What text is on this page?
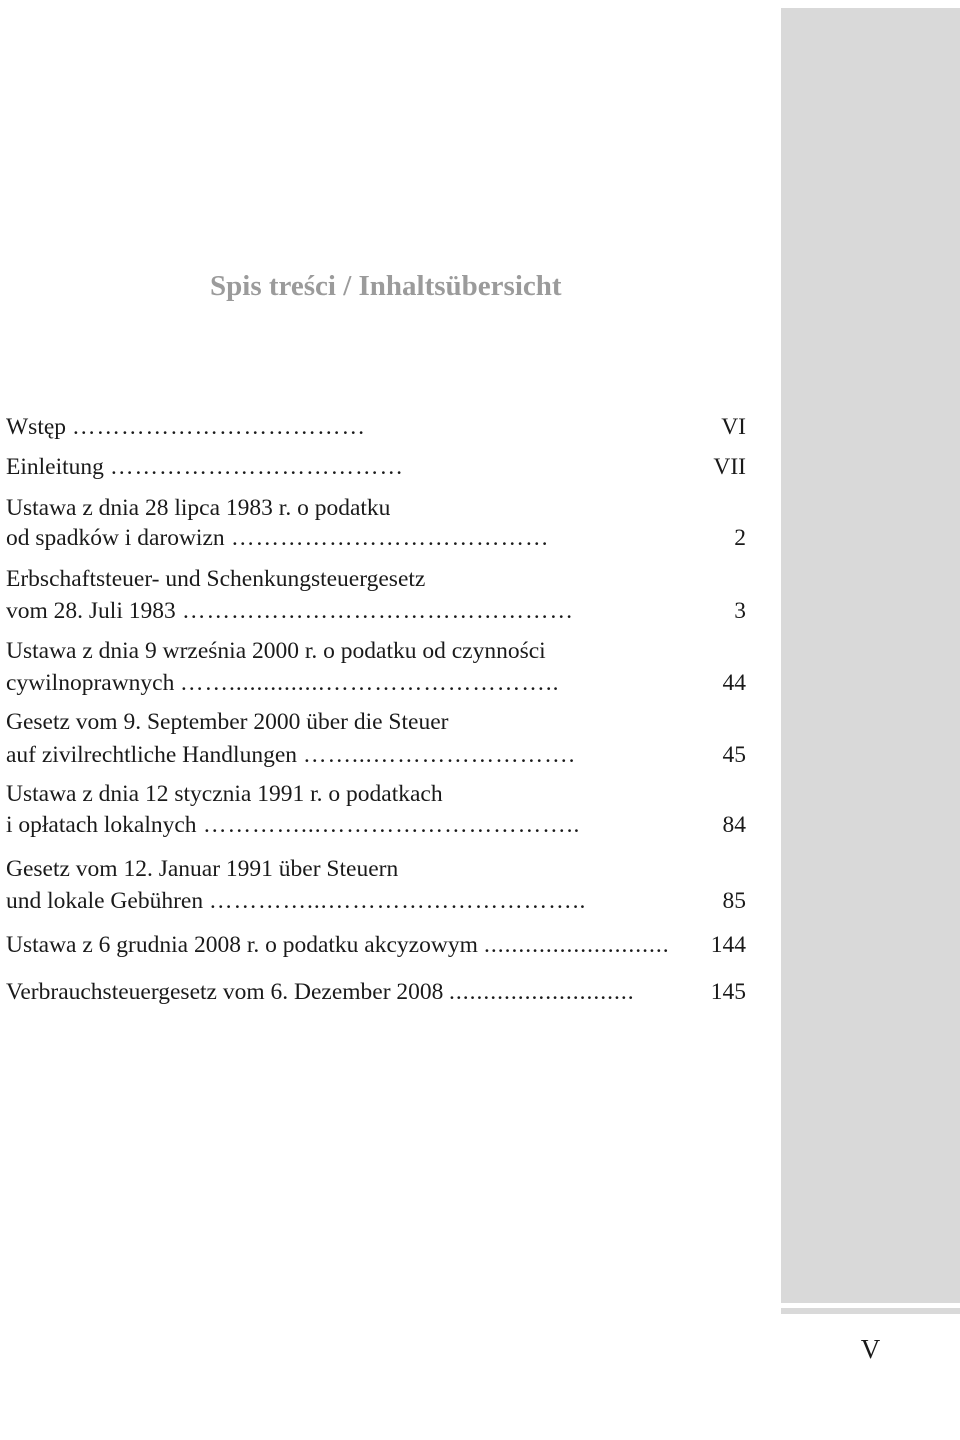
V
Spis treści / Inhaltsübersicht
Wstęp ………………………………	VI
Einleitung ………………………………	VII
Ustawa z dnia 28 lipca 1983 r. o podatku
od spadków i darowizn …………………………………	2
Erbschaftsteuer- und Schenkungsteuergesetz
vom 28. Juli 1983 …………………………………………	3
Ustawa z dnia 9 września 2000 r. o podatku od czynności
cywilnoprawnych ……..............………………………..	44
Gesetz vom 9. September 2000 über die Steuer
auf zivilrechtliche Handlungen ……...…………………….	45
Ustawa z dnia 12 stycznia 1991 r. o podatkach
i opłatach lokalnych …………...…………………………..	84
Gesetz vom 12. Januar 1991 über Steuern
und lokale Gebühren …………...…………………………..	85
Ustawa z 6 grudnia 2008 r. o podatku akcyzowym ...........................	144
Verbrauchsteuergesetz vom 6. Dezember 2008 ...........................	145
